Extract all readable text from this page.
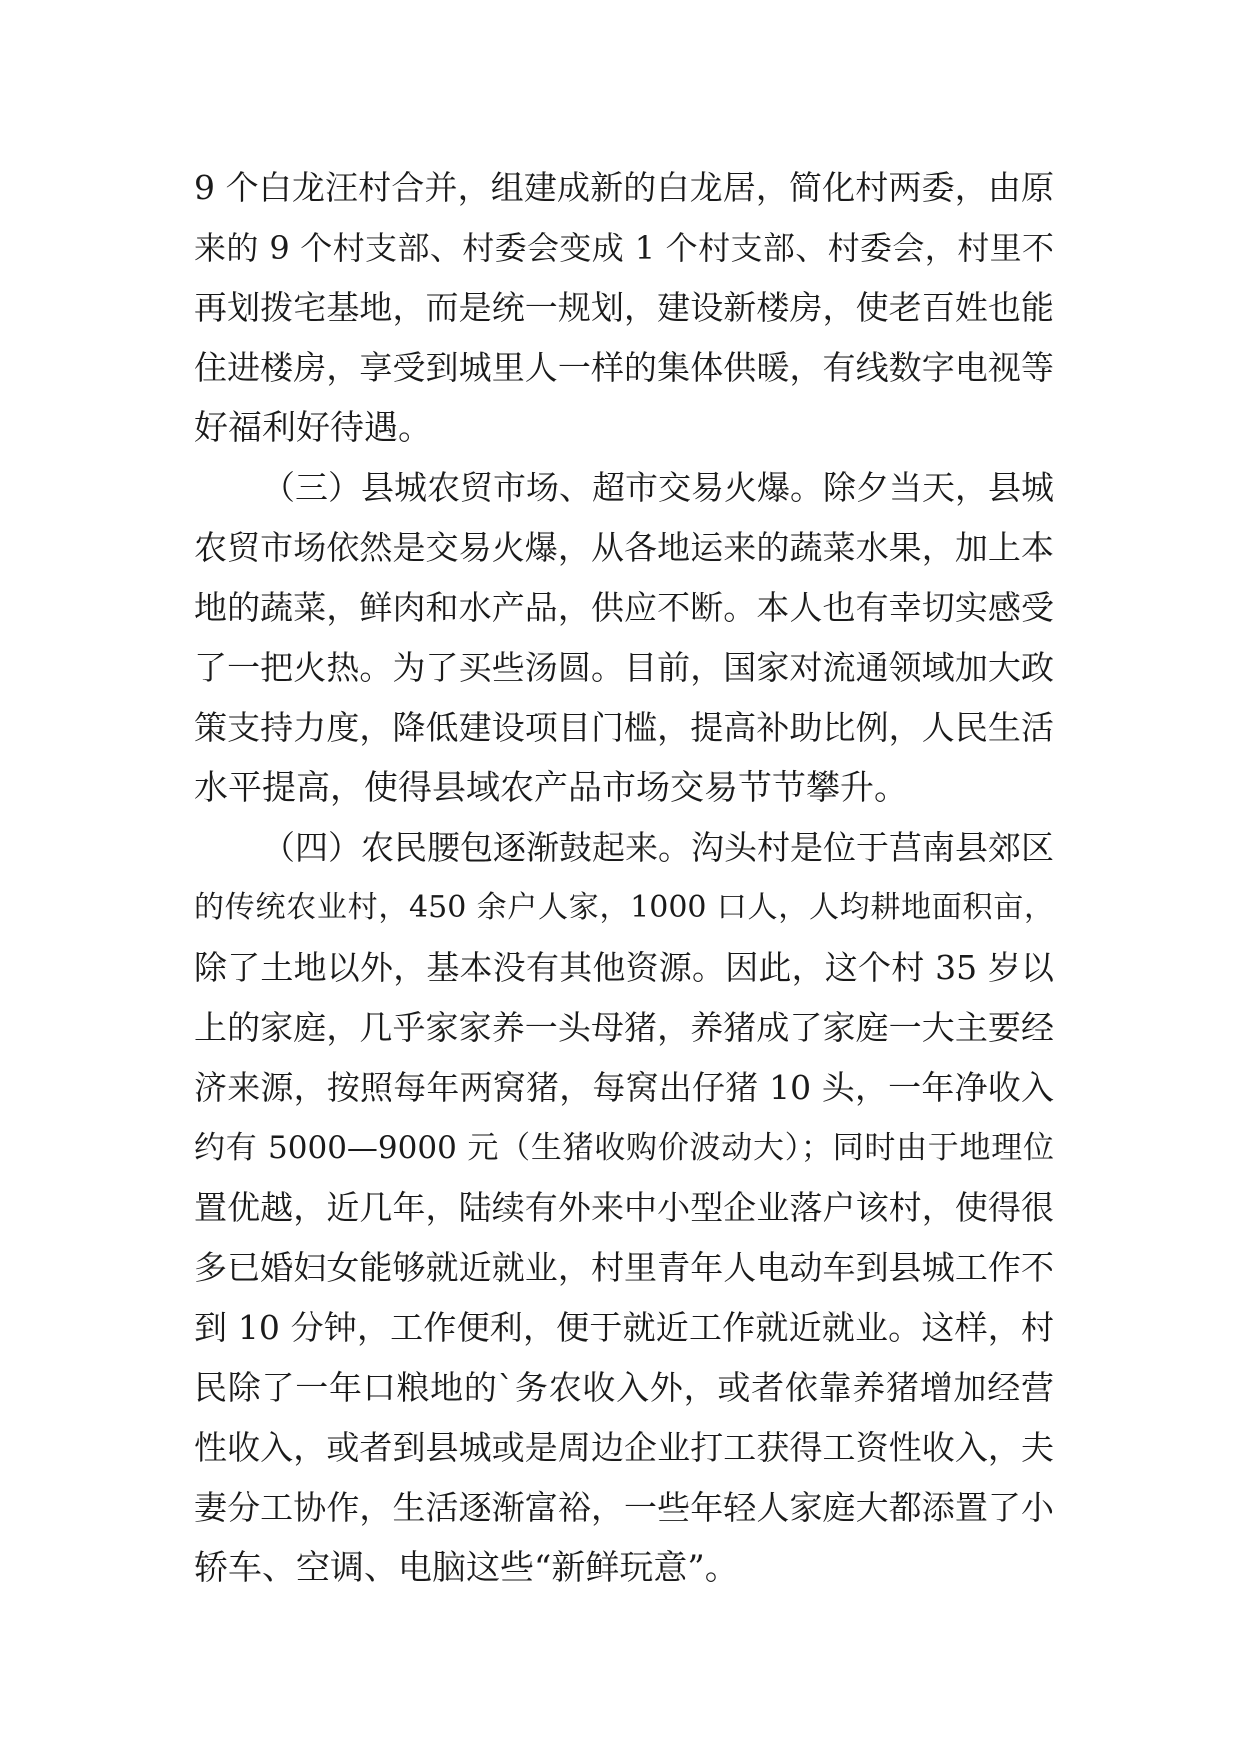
9 个白龙汪村合并，组建成新的白龙居，简化村两委，由原
来的 9 个村支部、村委会变成 1 个村支部、村委会，村里不
再划拨宅基地，而是统一规划，建设新楼房，使老百姓也能
住进楼房，享受到城里人一样的集体供暖，有线数字电视等
好福利好待遇。
（三）县城农贸市场、超市交易火爆。除夕当天，县城
农贸市场依然是交易火爆，从各地运来的蔬菜水果，加上本
地的蔬菜，鲜肉和水产品，供应不断。本人也有幸切实感受
了一把火热。为了买些汤圆。目前，国家对流通领域加大政
策支持力度，降低建设项目门槛，提高补助比例，人民生活
水平提高，使得县域农产品市场交易节节攀升。
（四）农民腰包逐渐鼓起来。沟头村是位于莒南县郊区
的传统农业村，450 余户人家，1000 口人，人均耕地面积亩，
除了土地以外，基本没有其他资源。因此，这个村 35 岁以
上的家庭，几乎家家养一头母猪，养猪成了家庭一大主要经
济来源，按照每年两窝猪，每窝出仔猪 10 头，一年净收入
约有 5000—9000 元（生猪收购价波动大）；同时由于地理位
置优越，近几年，陆续有外来中小型企业落户该村，使得很
多已婚妇女能够就近就业，村里青年人电动车到县城工作不
到 10 分钟，工作便利，便于就近工作就近就业。这样，村
民除了一年口粮地的`务农收入外，或者依靠养猪增加经营
性收入，或者到县城或是周边企业打工获得工资性收入，夫
妻分工协作，生活逐渐富裕，一些年轻人家庭大都添置了小
轿车、空调、电脑这些“新鲜玩意”。
